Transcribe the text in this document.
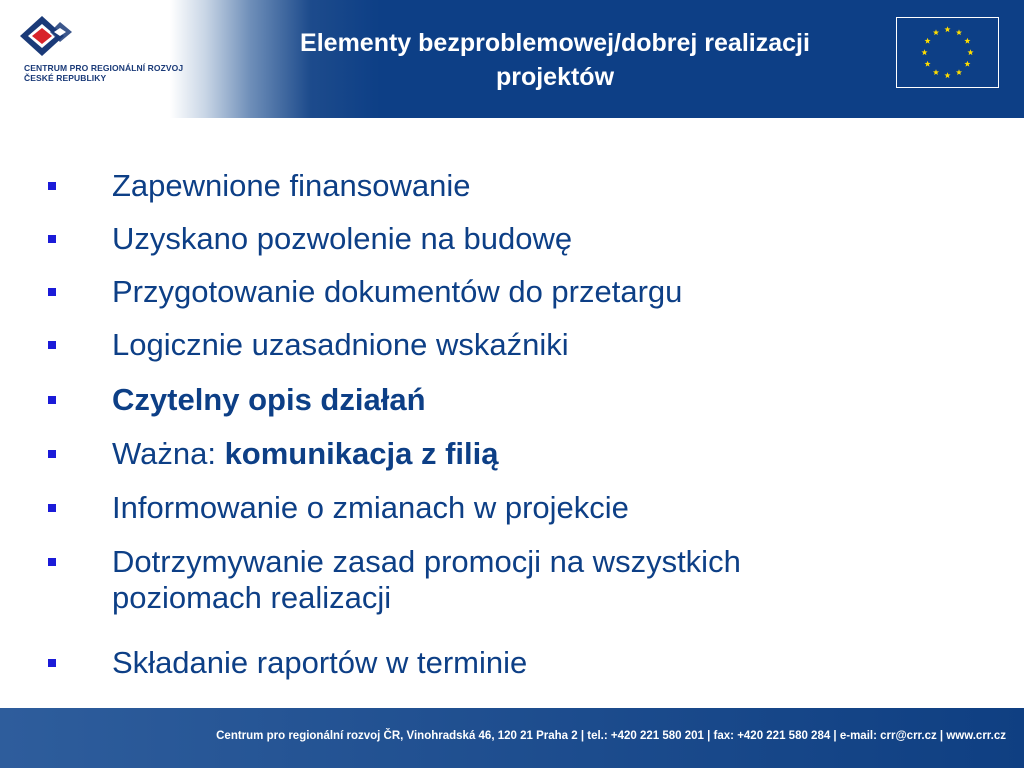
CENTRUM PRO REGIONÁLNÍ ROZVOJ
ČESKÉ REPUBLIKY
Elementy bezproblemowej/dobrej realizacji
projektów
Zapewnione finansowanie
Uzyskano pozwolenie na budowę
Przygotowanie dokumentów do przetargu
Logicznie uzasadnione wskaźniki
Czytelny opis działań
Ważna: komunikacja z filią
Informowanie o zmianach w projekcie
Dotrzymywanie zasad promocji na wszystkich
poziomach realizacji
Składanie raportów w terminie
Centrum pro regionální rozvoj ČR, Vinohradská 46, 120 21 Praha 2 | tel.: +420 221 580 201 | fax: +420 221 580 284 | e-mail: crr@crr.cz | www.crr.cz
